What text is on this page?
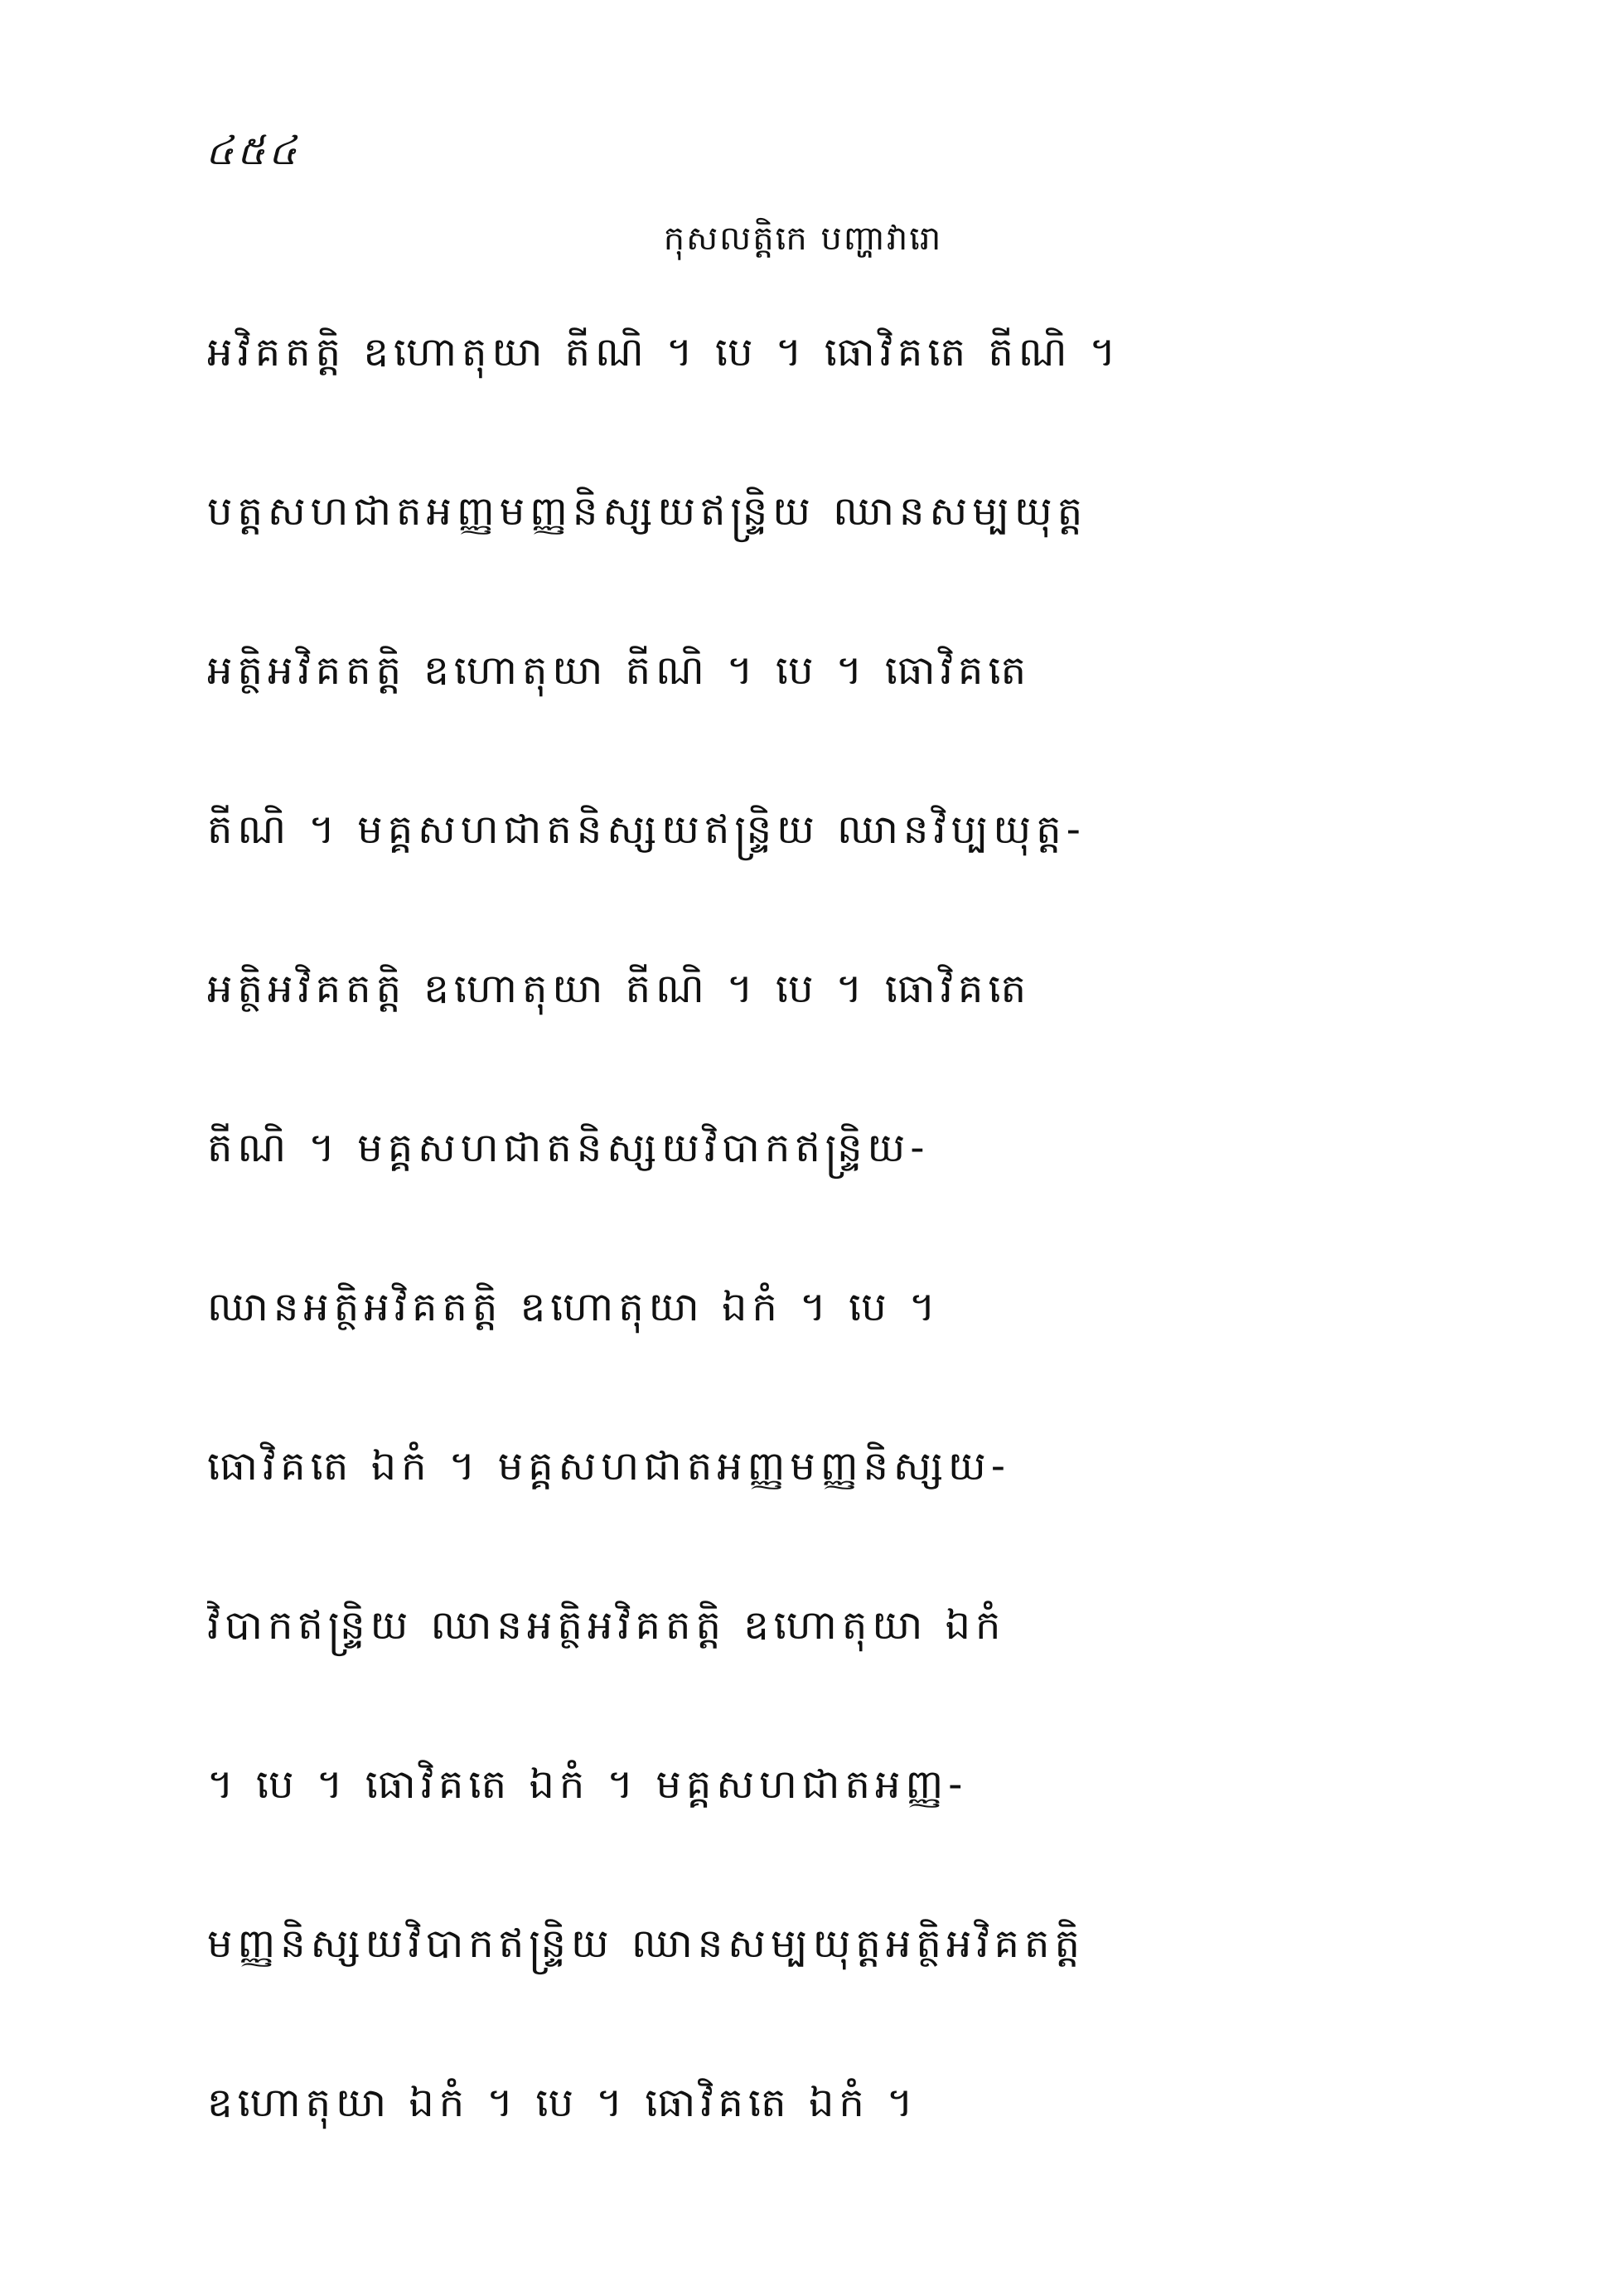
៤៥៤
កុសលត្តិកេ បញ្ហាវារោ
អវិគតត្តិ ឧហោតុយា តីណិ ។ បេ ។ ធោវិគតេ តីណិ ។
បត្តសហជាតអញ្ញមញ្ញនិស្សយឥន្ទ្រិយ ឈានសម្បយុត្ត
អត្ថិអវិគតត្តិ ឧហោតុយា តីណិ ។ បេ ។ ធោវិគតេ
តីណិ ។ មគ្គសហជាតនិស្សយឥន្ទ្រិយ ឈានវិប្បយុត្ត-
អត្ថិអវិគតត្តិ ឧហោតុយា តីណិ ។ បេ ។ ធោវិគតេ
តីណិ ។ មគ្គសហជាតនិស្សយវិបាកឥន្ទ្រិយ-
ឈានអត្ថិអវិគតត្តិ ឧហោតុយា ឯកំ ។ បេ ។
ធោវិគតេ ឯកំ ។ មគ្គសហជាតអញ្ញមញ្ញនិស្សយ-
វិបាកឥន្ទ្រិយ ឈានអត្ថិអវិគតត្តិ ឧហោតុយា ឯកំ
។ បេ ។ ធោវិគតេ ឯកំ ។ មគ្គសហជាតអញ្ញ-
មញ្ញនិស្សយវិបាកឥន្ទ្រិយ ឈានសម្បយុត្តអត្ថិអវិគតត្តិ
ឧហោតុយា ឯកំ ។ បេ ។ ធោវិគតេ ឯកំ ។
